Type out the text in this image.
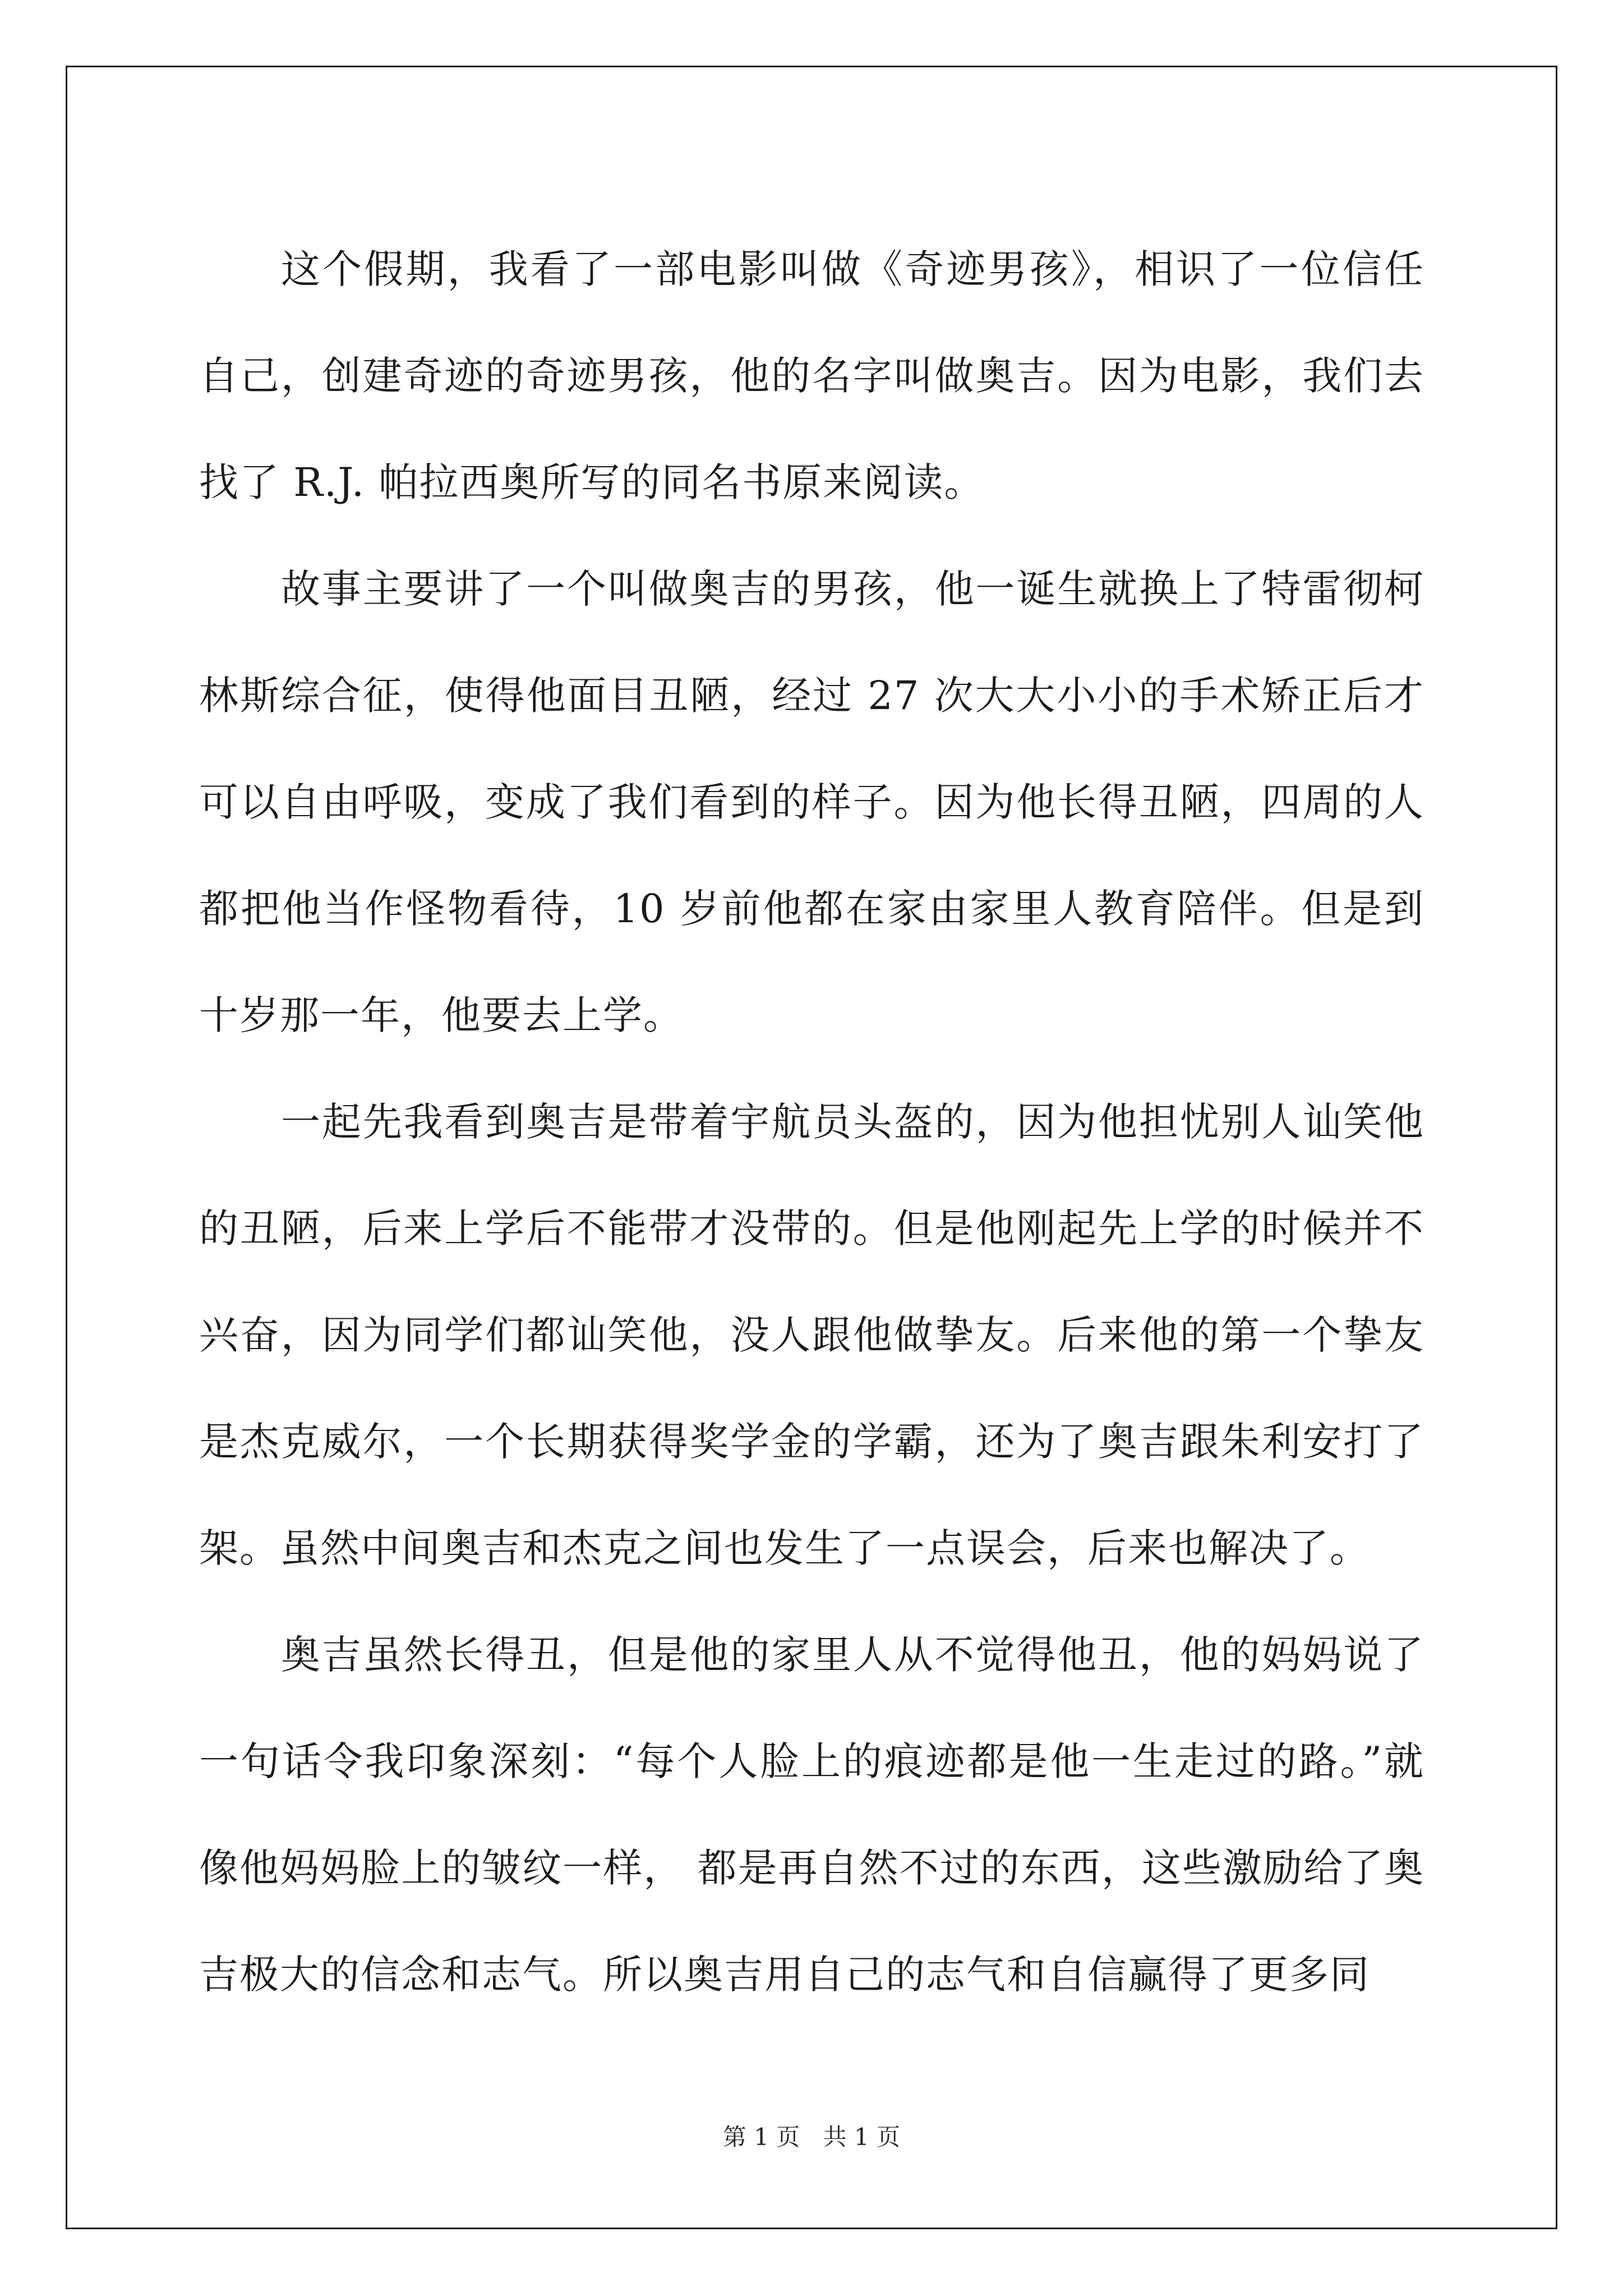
这个假期，我看了一部电影叫做《奇迹男孩》，相识了一位信任自己，创建奇迹的奇迹男孩，他的名字叫做奥吉。因为电影，我们去找了 R.J. 帕拉西奥所写的同名书原来阅读。

故事主要讲了一个叫做奥吉的男孩，他一诞生就换上了特雷彻柯林斯综合征，使得他面目丑陋，经过 27 次大大小小的手术矫正后才可以自由呼吸，变成了我们看到的样子。因为他长得丑陋，四周的人都把他当作怪物看待，10 岁前他都在家由家里人教育陪伴。但是到十岁那一年，他要去上学。

一起先我看到奥吉是带着宇航员头盔的，因为他担忧别人讪笑他的丑陋，后来上学后不能带才没带的。但是他刚起先上学的时候并不兴奋，因为同学们都讪笑他，没人跟他做挚友。后来他的第一个挚友是杰克威尔，一个长期获得奖学金的学霸，还为了奥吉跟朱利安打了架。虽然中间奥吉和杰克之间也发生了一点误会，后来也解决了。

奥吉虽然长得丑，但是他的家里人从不觉得他丑，他的妈妈说了一句话令我印象深刻：“每个人脸上的痕迹都是他一生走过的路。”就像他妈妈脸上的皱纹一样， 都是再自然不过的东西，这些激励给了奥吉极大的信念和志气。所以奥吉用自己的志气和自信赢得了更多同

第 1 页 共 1 页
